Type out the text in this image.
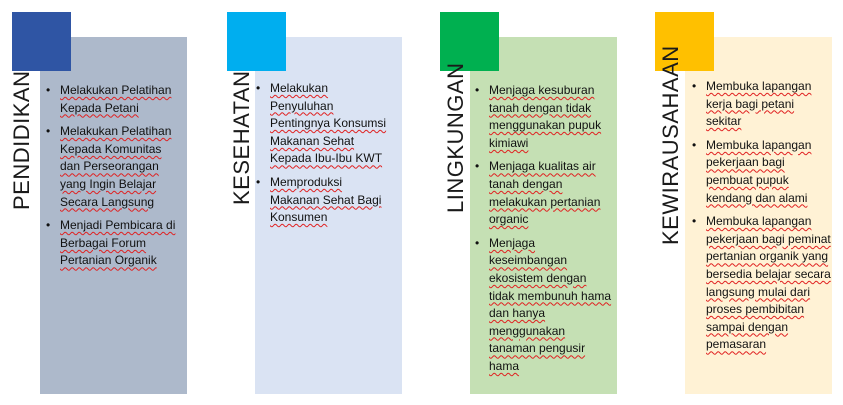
PENDIDIKAN	• Melakukan Pelatihan Kepada Petani
• Melakukan Pelatihan Kepada Komunitas dan Perseorangan yang Ingin Belajar Secara Langsung
• Menjadi Pembicara di Berbagai Forum Pertanian Organik
KESEHATAN • Melakukan Penyuluhan Pentingnya Konsumsi Makanan Sehat Kepada Ibu-Ibu KWT
• Memproduksi Makanan Sehat Bagi Konsumen
LINGKUNGAN • Menjaga kesuburan tanah dengan tidak menggunakan pupuk kimiawi
• Menjaga kualitas air tanah dengan melakukan pertanian organic
• Menjaga keseimbangan ekosistem dengan tidak membunuh hama dan hanya menggunakan tanaman pengusir hama
KEWIRAUSAHAAN • Membuka lapangan kerja bagi petani sekitar
• Membuka lapangan pekerjaan bagi pembuat pupuk kendang dan alami
• Membuka lapangan pekerjaan bagi peminat pertanian organik yang bersedia belajar secara langsung mulai dari proses pembibitan sampai dengan pemasaran
